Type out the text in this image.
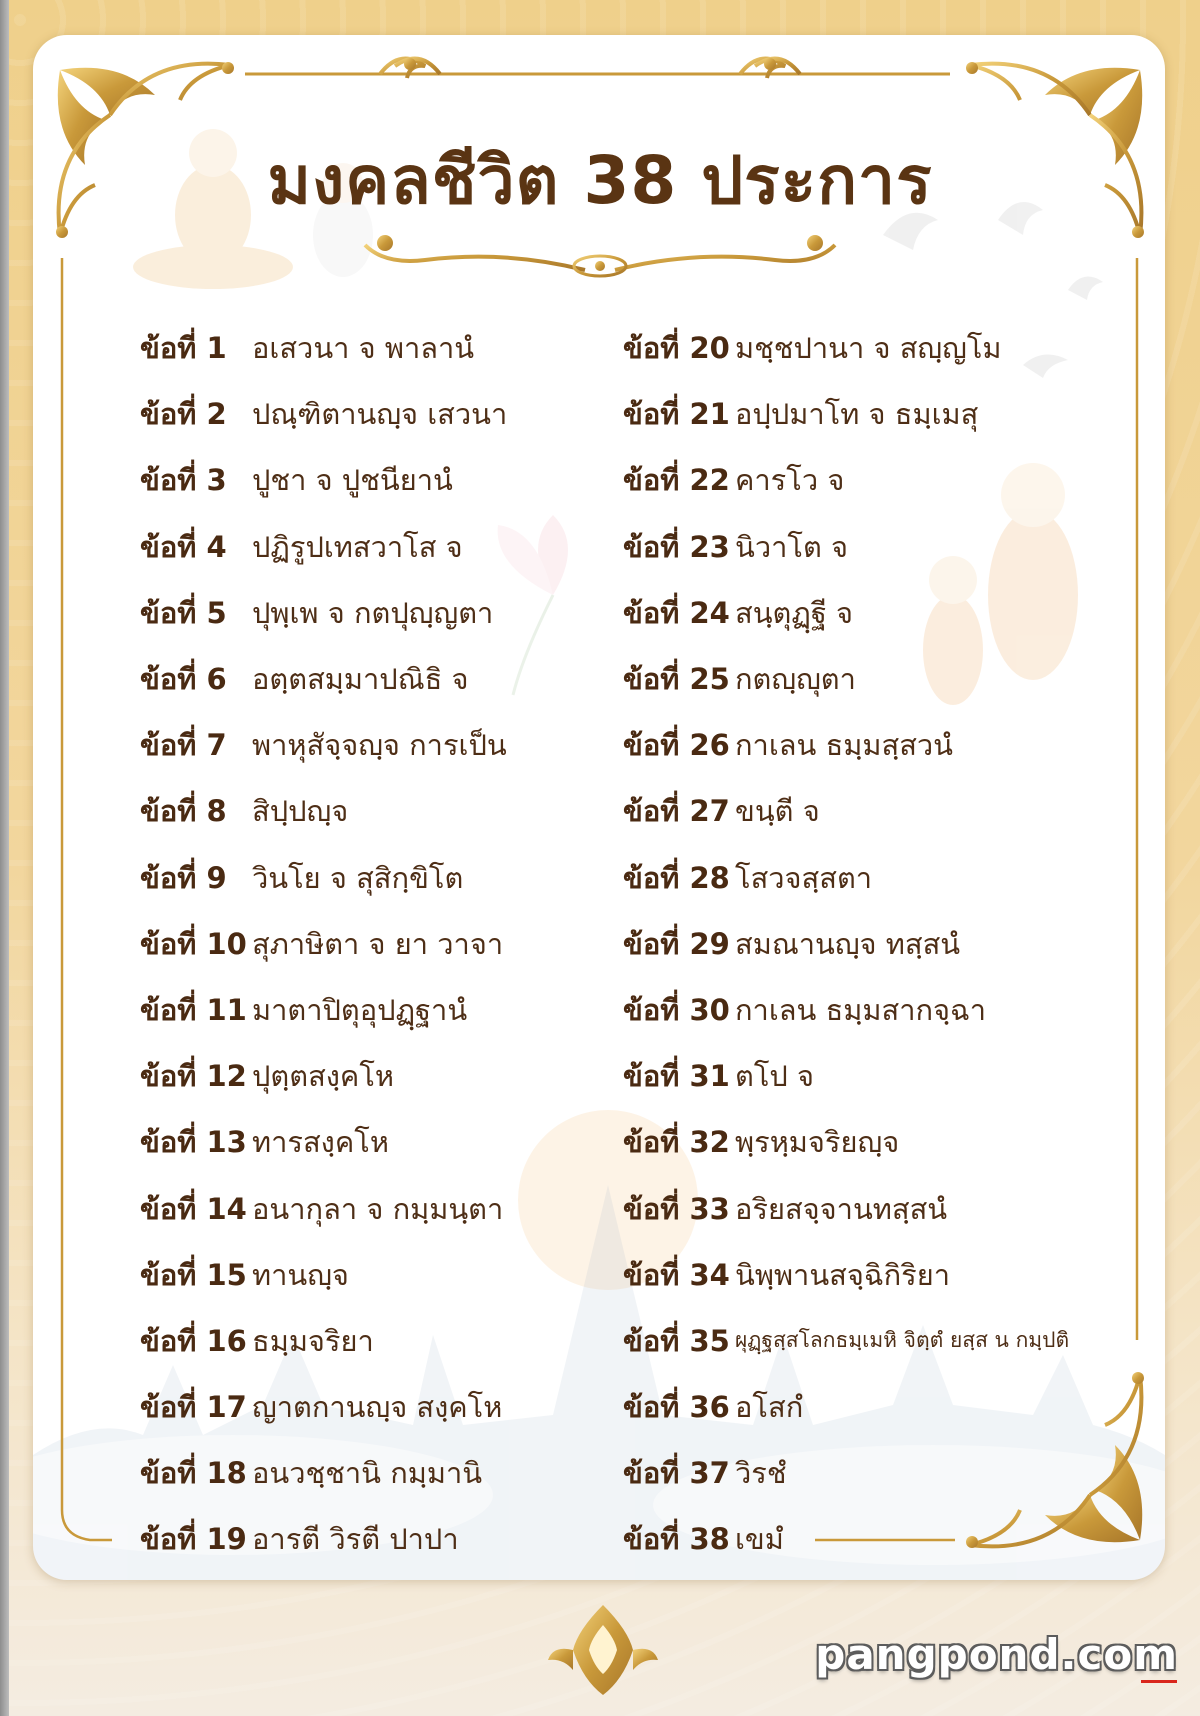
มงคลชีวิต 38 ประการ
ข้อที่ 1 อเสวนา จ พาลานํ
ข้อที่ 2 ปณฺฑิตานญฺจ เสวนา
ข้อที่ 3 ปูชา จ ปูชนียานํ
ข้อที่ 4 ปฏิรูปเทสวาโส จ
ข้อที่ 5 ปุพฺเพ จ กตปุญฺญตา
ข้อที่ 6 อตฺตสมฺมาปณิธิ จ
ข้อที่ 7 พาหุสัจฺจญฺจ การเป็น
ข้อที่ 8 สิปฺปญฺจ
ข้อที่ 9 วินโย จ สุสิกฺขิโต
ข้อที่ 10 สุภาษิตา จ ยา วาจา
ข้อที่ 11 มาตาปิตุอุปฏฺฐานํ
ข้อที่ 12 ปุตฺตสงฺคโห
ข้อที่ 13 ทารสงฺคโห
ข้อที่ 14 อนากุลา จ กมฺมนฺตา
ข้อที่ 15 ทานญฺจ
ข้อที่ 16 ธมฺมจริยา
ข้อที่ 17 ญาตกานญฺจ สงฺคโห
ข้อที่ 18 อนวชฺชานิ กมฺมานิ
ข้อที่ 19 อารตี วิรตี ปาปา
ข้อที่ 20 มชฺชปานา จ สญฺญโม
ข้อที่ 21 อปฺปมาโท จ ธมฺเมสุ
ข้อที่ 22 คารโว จ
ข้อที่ 23 นิวาโต จ
ข้อที่ 24 สนฺตุฏฺฐี จ
ข้อที่ 25 กตญฺญุตา
ข้อที่ 26 กาเลน ธมฺมสฺสวนํ
ข้อที่ 27 ขนฺตี จ
ข้อที่ 28 โสวจสฺสตา
ข้อที่ 29 สมณานญฺจ ทสฺสนํ
ข้อที่ 30 กาเลน ธมฺมสากจฺฉา
ข้อที่ 31 ตโป จ
ข้อที่ 32 พฺรหฺมจริยญฺจ
ข้อที่ 33 อริยสจฺจานทสฺสนํ
ข้อที่ 34 นิพฺพานสจฺฉิกิริยา
ข้อที่ 35 ผุฏฺฐสฺสโลกธมฺเมหิ จิตฺตํ ยสฺส น กมฺปติ
ข้อที่ 36 อโสกํ
ข้อที่ 37 วิรชํ
ข้อที่ 38 เขมํ
pangpond.com
